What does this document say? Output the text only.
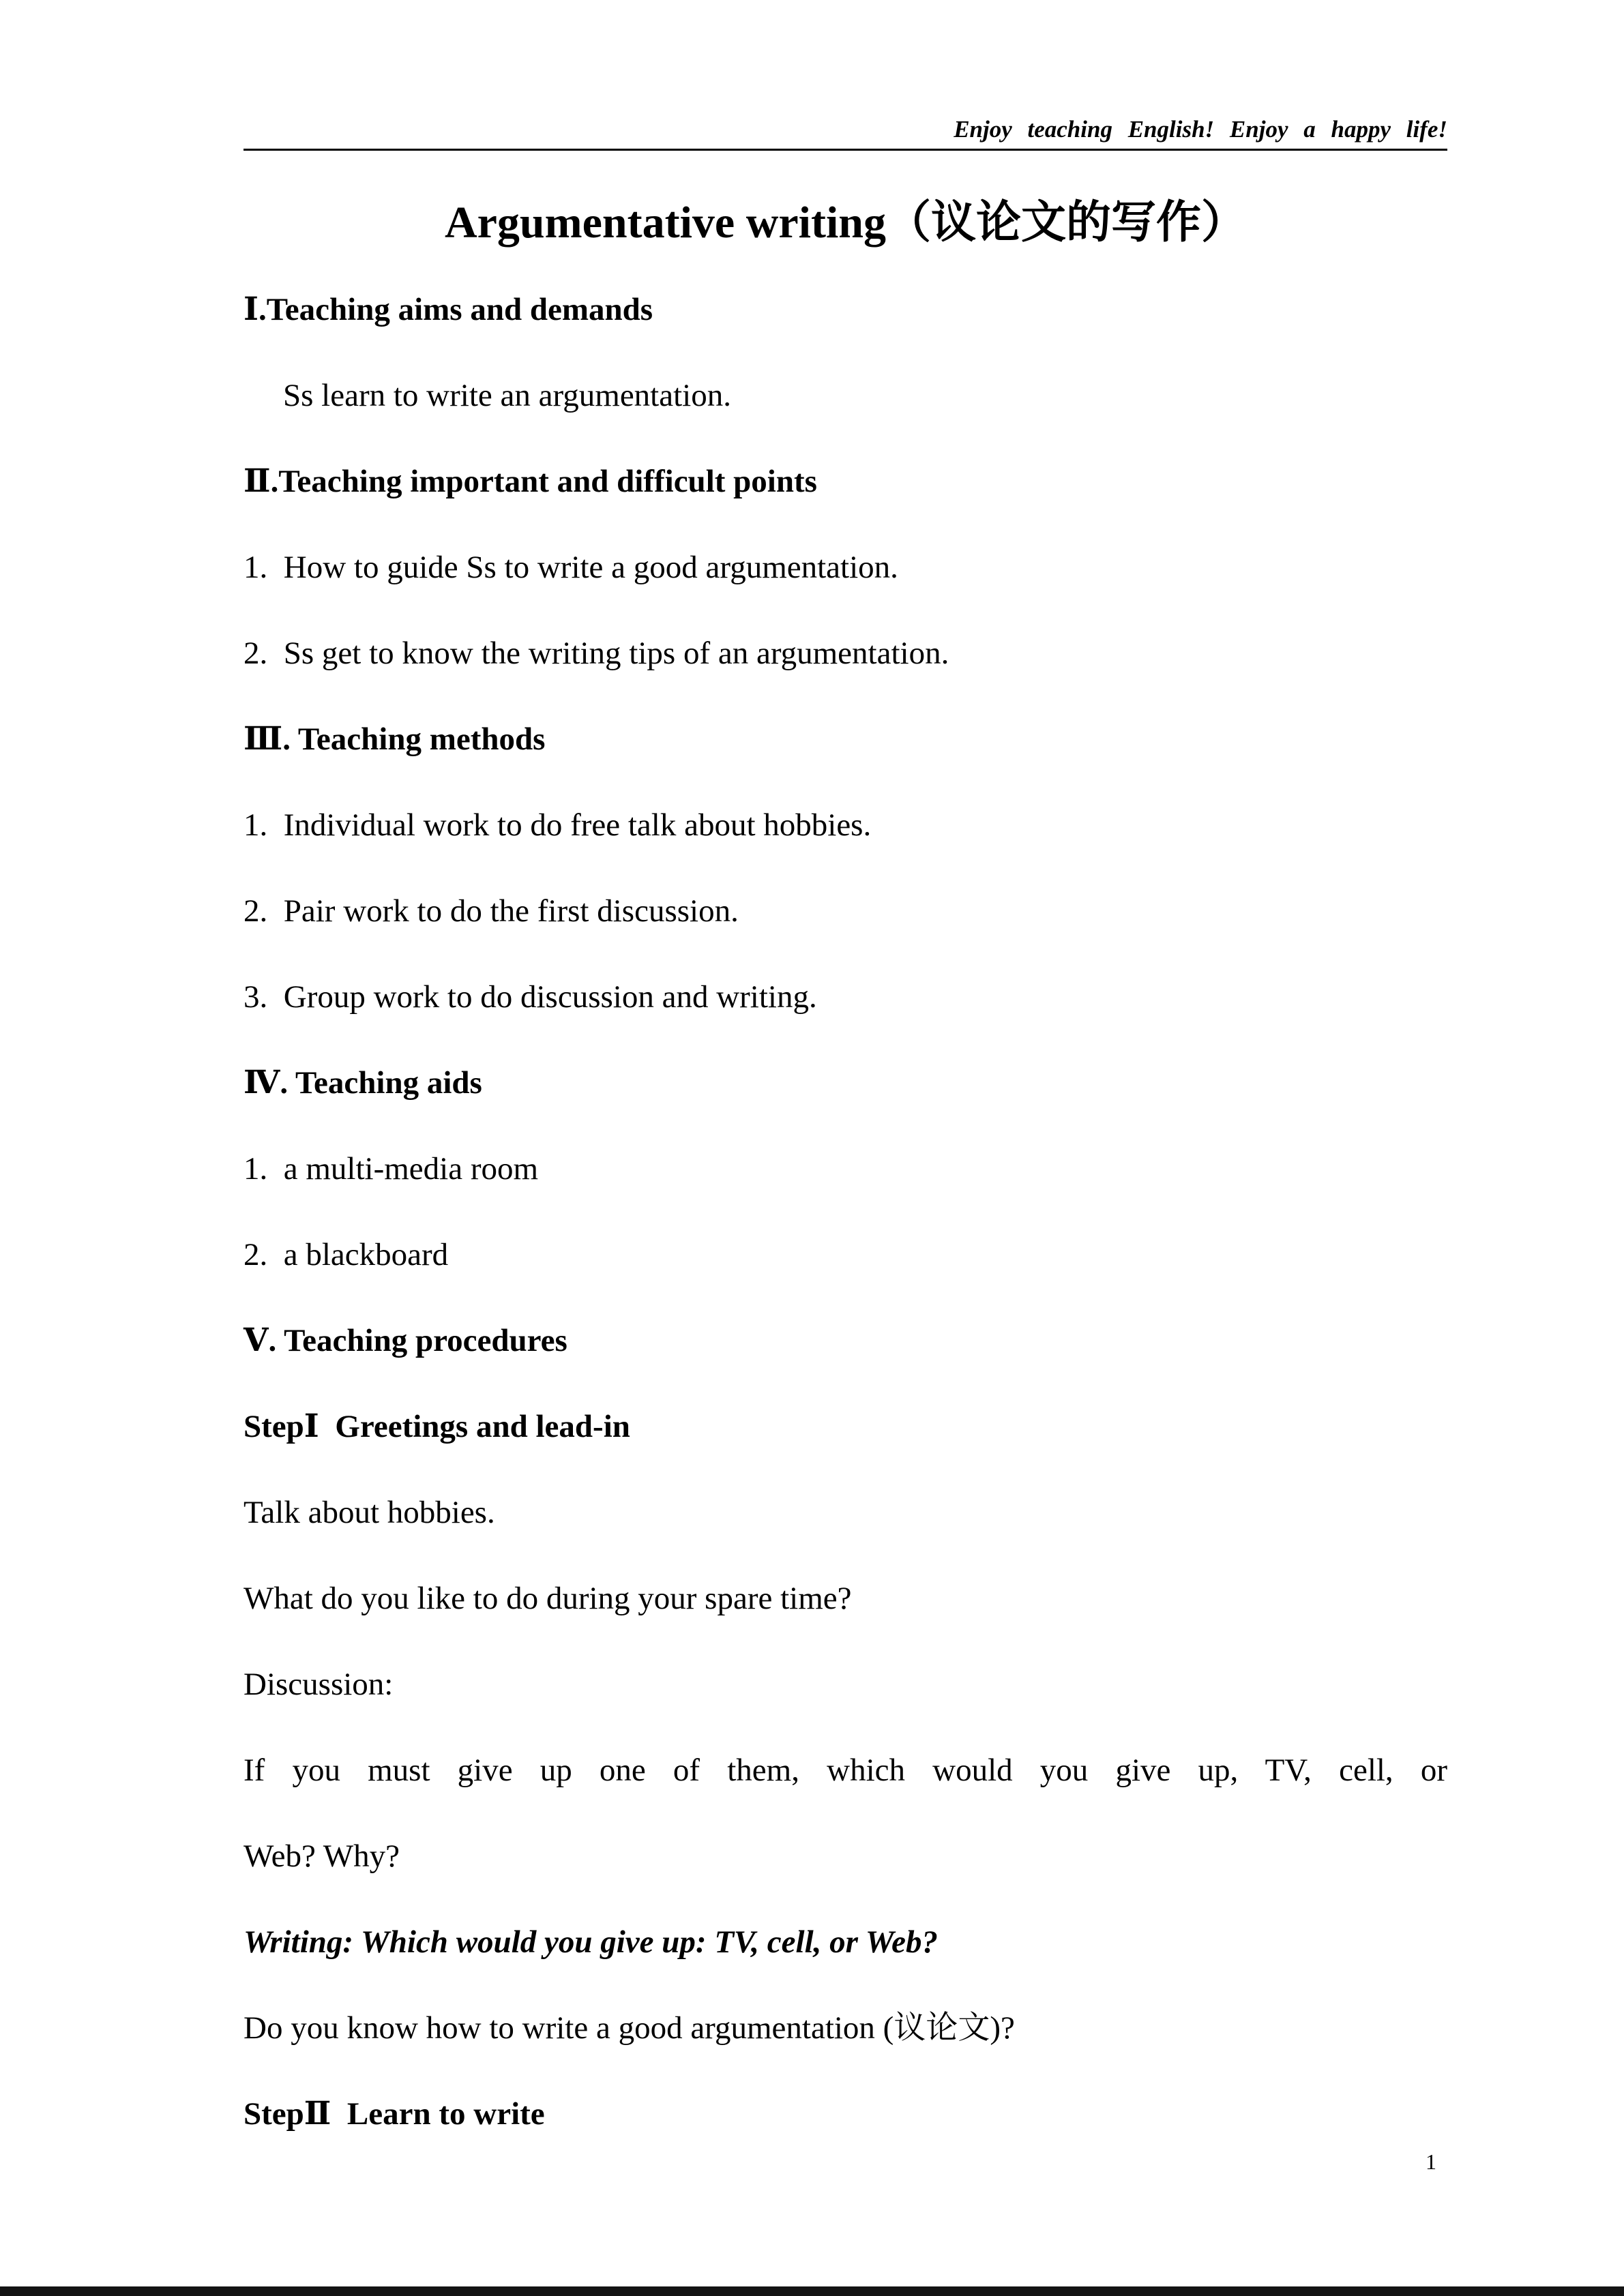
Enjoy teaching English! Enjoy a happy life!
Argumentative writing（议论文的写作）
Ⅰ.Teaching aims and demands
Ss learn to write an argumentation.
Ⅱ.Teaching important and difficult points
1.  How to guide Ss to write a good argumentation.
2.  Ss get to know the writing tips of an argumentation.
Ⅲ. Teaching methods
1.  Individual work to do free talk about hobbies.
2.  Pair work to do the first discussion.
3.  Group work to do discussion and writing.
Ⅳ. Teaching aids
1.  a multi-media room
2.  a blackboard
Ⅴ. Teaching procedures
StepⅠ  Greetings and lead-in
Talk about hobbies.
What do you like to do during your spare time?
Discussion:
If you must give up one of them, which would you give up, TV, cell, or
Web? Why?
Writing: Which would you give up: TV, cell, or Web?
Do you know how to write a good argumentation (议论文)?
StepⅡ  Learn to write
1
